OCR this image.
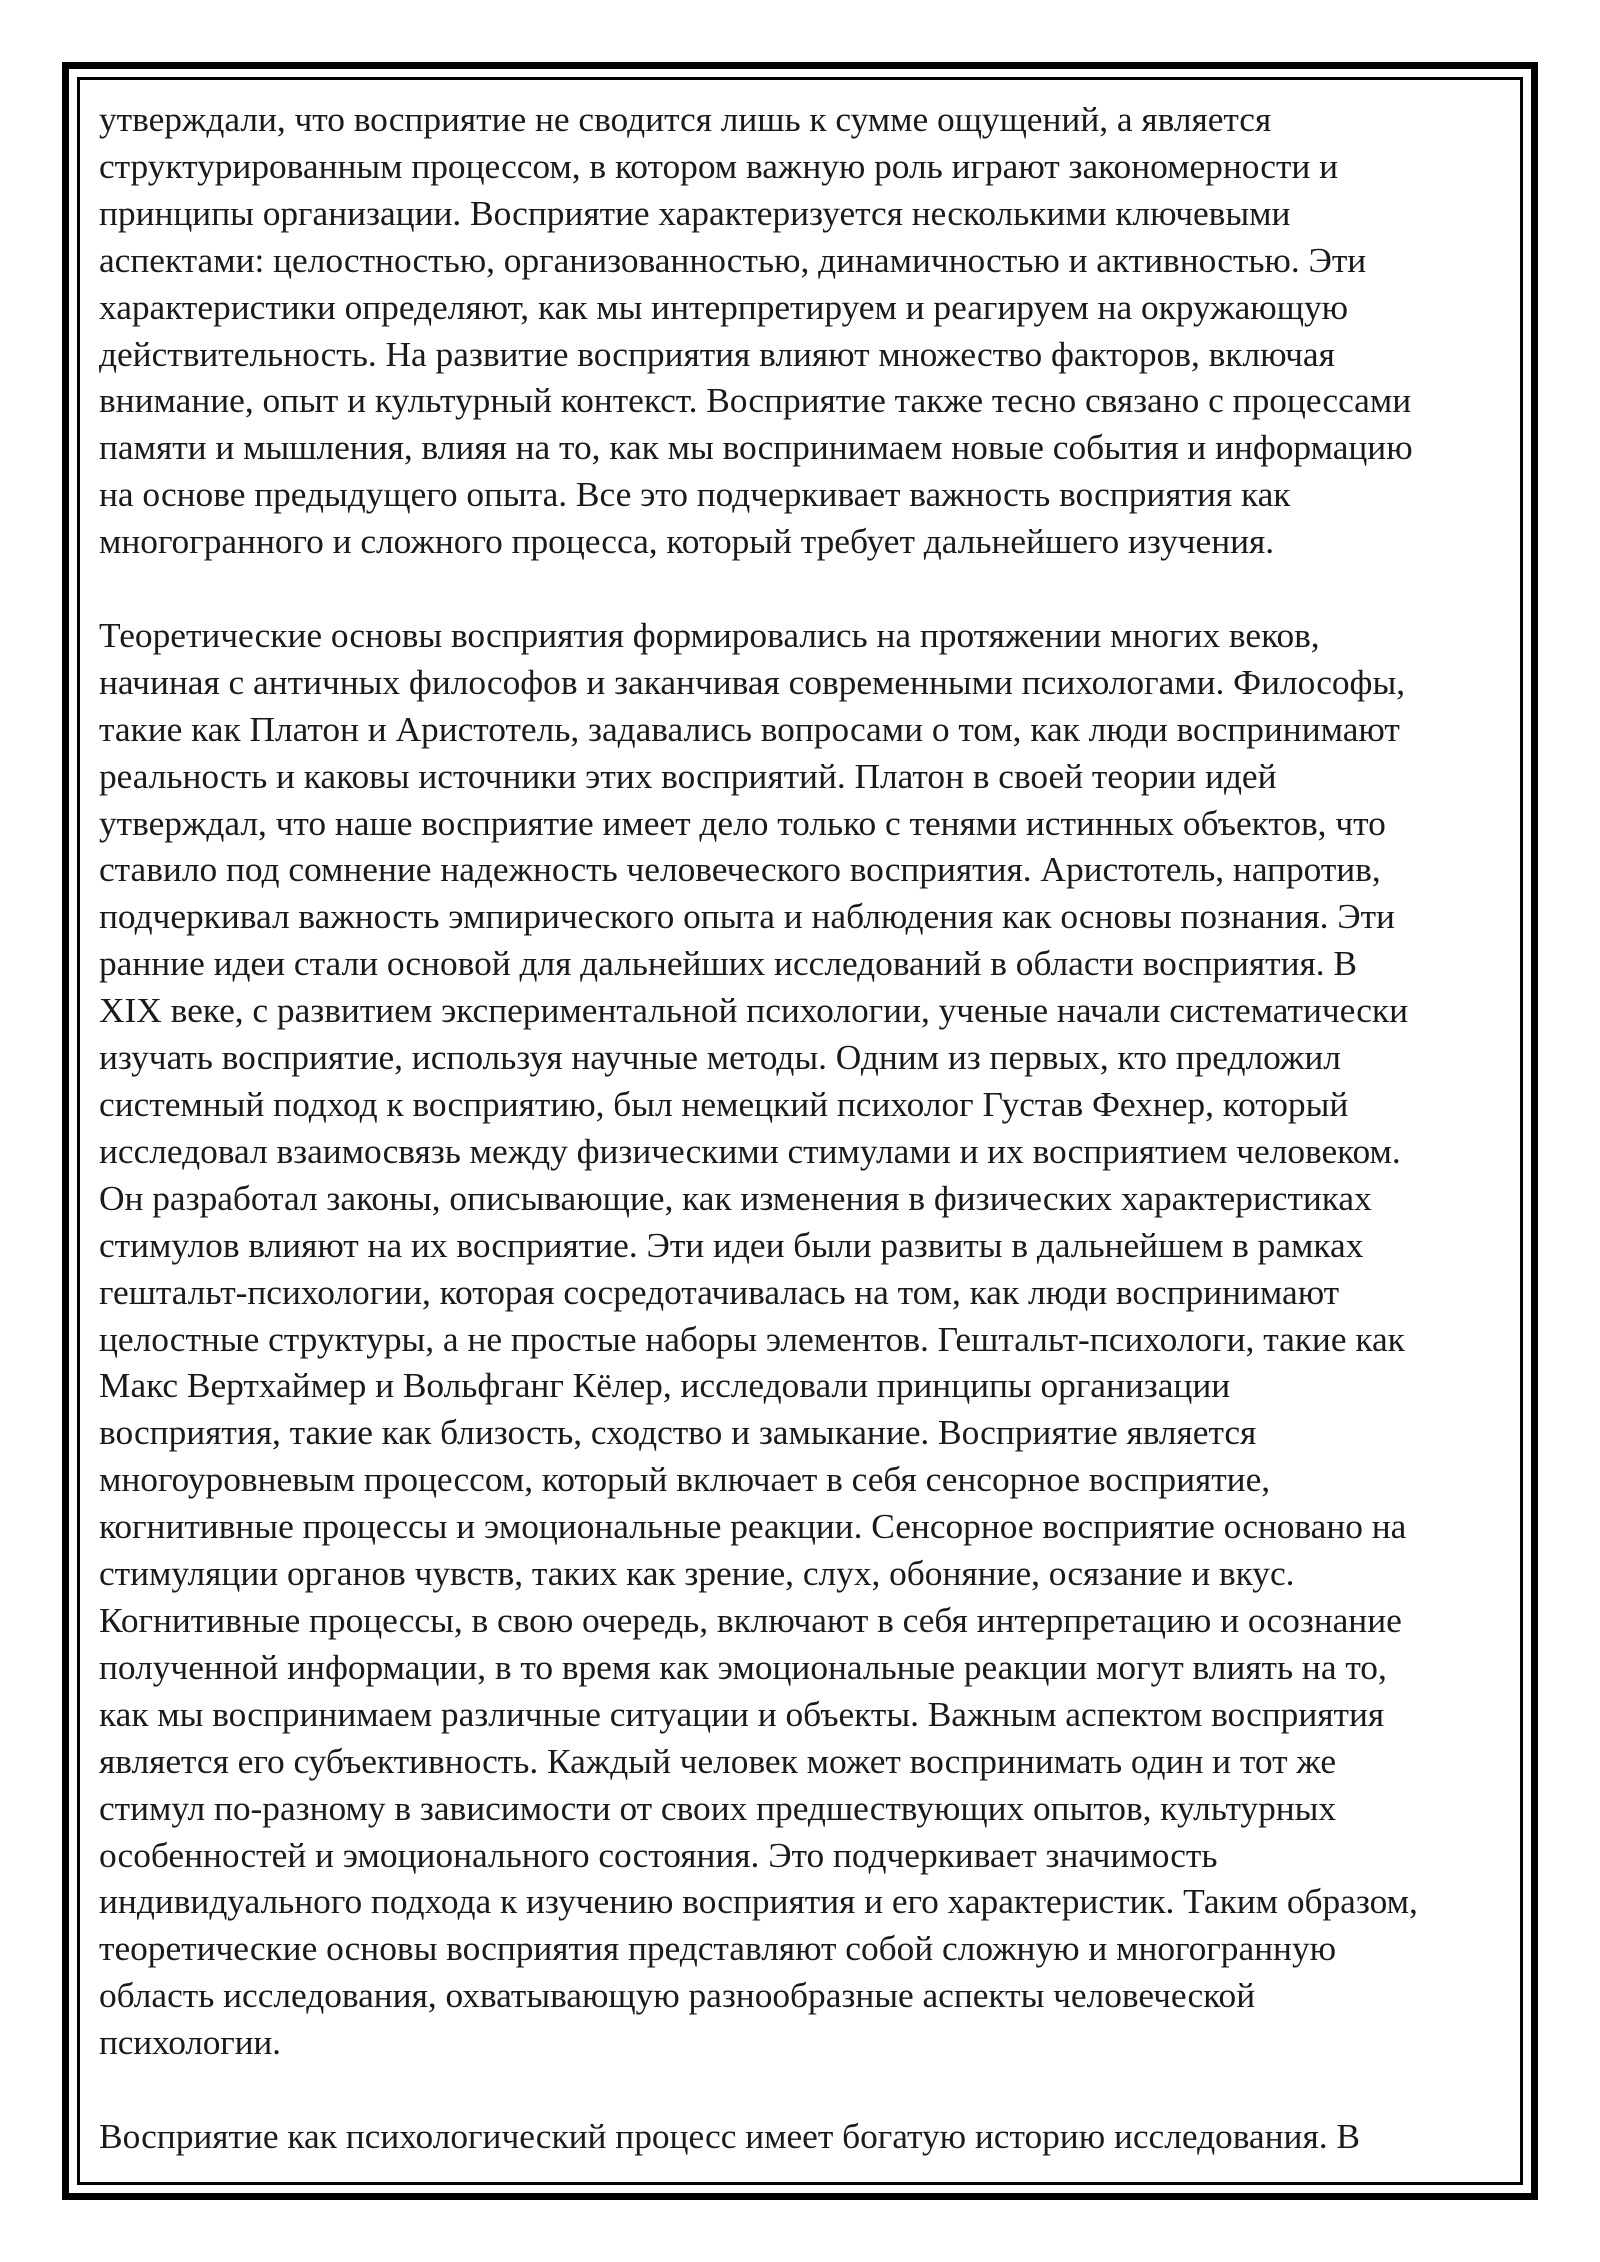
утверждали, что восприятие не сводится лишь к сумме ощущений, а является
структурированным процессом, в котором важную роль играют закономерности и
принципы организации. Восприятие характеризуется несколькими ключевыми
аспектами: целостностью, организованностью, динамичностью и активностью. Эти
характеристики определяют, как мы интерпретируем и реагируем на окружающую
действительность. На развитие восприятия влияют множество факторов, включая
внимание, опыт и культурный контекст. Восприятие также тесно связано с процессами
памяти и мышления, влияя на то, как мы воспринимаем новые события и информацию
на основе предыдущего опыта. Все это подчеркивает важность восприятия как
многогранного и сложного процесса, который требует дальнейшего изучения.
Теоретические основы восприятия формировались на протяжении многих веков,
начиная с античных философов и заканчивая современными психологами. Философы,
такие как Платон и Аристотель, задавались вопросами о том, как люди воспринимают
реальность и каковы источники этих восприятий. Платон в своей теории идей
утверждал, что наше восприятие имеет дело только с тенями истинных объектов, что
ставило под сомнение надежность человеческого восприятия. Аристотель, напротив,
подчеркивал важность эмпирического опыта и наблюдения как основы познания. Эти
ранние идеи стали основой для дальнейших исследований в области восприятия. В
XIX веке, с развитием экспериментальной психологии, ученые начали систематически
изучать восприятие, используя научные методы. Одним из первых, кто предложил
системный подход к восприятию, был немецкий психолог Густав Фехнер, который
исследовал взаимосвязь между физическими стимулами и их восприятием человеком.
Он разработал законы, описывающие, как изменения в физических характеристиках
стимулов влияют на их восприятие. Эти идеи были развиты в дальнейшем в рамках
гештальт-психологии, которая сосредотачивалась на том, как люди воспринимают
целостные структуры, а не простые наборы элементов. Гештальт-психологи, такие как
Макс Вертхаймер и Вольфганг Кёлер, исследовали принципы организации
восприятия, такие как близость, сходство и замыкание. Восприятие является
многоуровневым процессом, который включает в себя сенсорное восприятие,
когнитивные процессы и эмоциональные реакции. Сенсорное восприятие основано на
стимуляции органов чувств, таких как зрение, слух, обоняние, осязание и вкус.
Когнитивные процессы, в свою очередь, включают в себя интерпретацию и осознание
полученной информации, в то время как эмоциональные реакции могут влиять на то,
как мы воспринимаем различные ситуации и объекты. Важным аспектом восприятия
является его субъективность. Каждый человек может воспринимать один и тот же
стимул по-разному в зависимости от своих предшествующих опытов, культурных
особенностей и эмоционального состояния. Это подчеркивает значимость
индивидуального подхода к изучению восприятия и его характеристик. Таким образом,
теоретические основы восприятия представляют собой сложную и многогранную
область исследования, охватывающую разнообразные аспекты человеческой
психологии.
Восприятие как психологический процесс имеет богатую историю исследования. В
